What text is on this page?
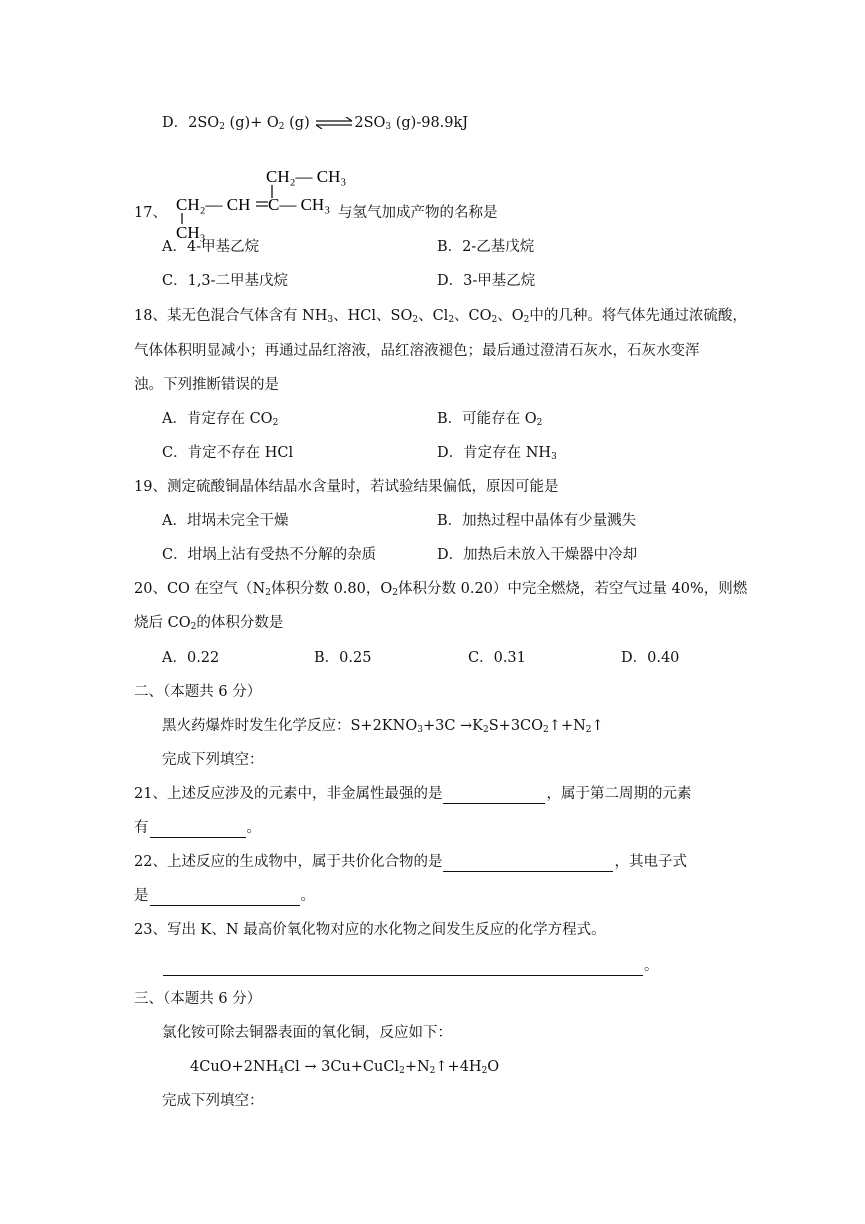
D．$2SO_2$ $(g)+ O_2$ (g) $\rightleftharpoons 2SO_3$ (g)-98.9kJ
CH₂— CH₃
CH₂— CH C— CH₃
CH₃
17、	与氢气加成产物的名称是
A．4-甲基乙烷	B．2-乙基戊烷
C．1,3-二甲基戊烷	D．3-甲基乙烷
18、某无色混合气体含有 $NH_3$、HCl、$SO_2$、$Cl_2$、$CO_2$、$O_2$中的几种。将气体先通过浓硫酸，
气体体积明显减小；再通过品红溶液，品红溶液褪色；最后通过澄清石灰水，石灰水变浑
浊。下列推断错误的是
A．肯定存在 $CO_2$	B．可能存在 $O_2$
C．肯定不存在 HCl	D．肯定存在 $NH_3$
19、测定硫酸铜晶体结晶水含量时，若试验结果偏低，原因可能是
A．坩埚未完全干燥	B．加热过程中晶体有少量溅失
C．坩埚上沾有受热不分解的杂质	D．加热后未放入干燥器中冷却
20、CO 在空气（$N_2$体积分数 0.80，$O_2$体积分数 0.20）中完全燃烧，若空气过量 40%，则燃
烧后 $CO_2$的体积分数是
A．0.22	B．0.25	C．0.31	D．0.40
二、（本题共 6 分）
黑火药爆炸时发生化学反应：$S+2KNO_3+3C$ $\to K_2S+3CO_2↑+N_2↑$
完成下列填空：
21、上述反应涉及的元素中，非金属性最强的是	，属于第二周期的元素
有	。
22、上述反应的生成物中，属于共价化合物的是	，其电子式
是	。
23、写出 K、N 最高价氧化物对应的水化物之间发生反应的化学方程式。
。
三、（本题共 6 分）
氯化铵可除去铜器表面的氧化铜，反应如下：
$4CuO+2NH_4Cl$ → $3Cu+CuCl_2+N_2↑+4H_2O$
完成下列填空：
